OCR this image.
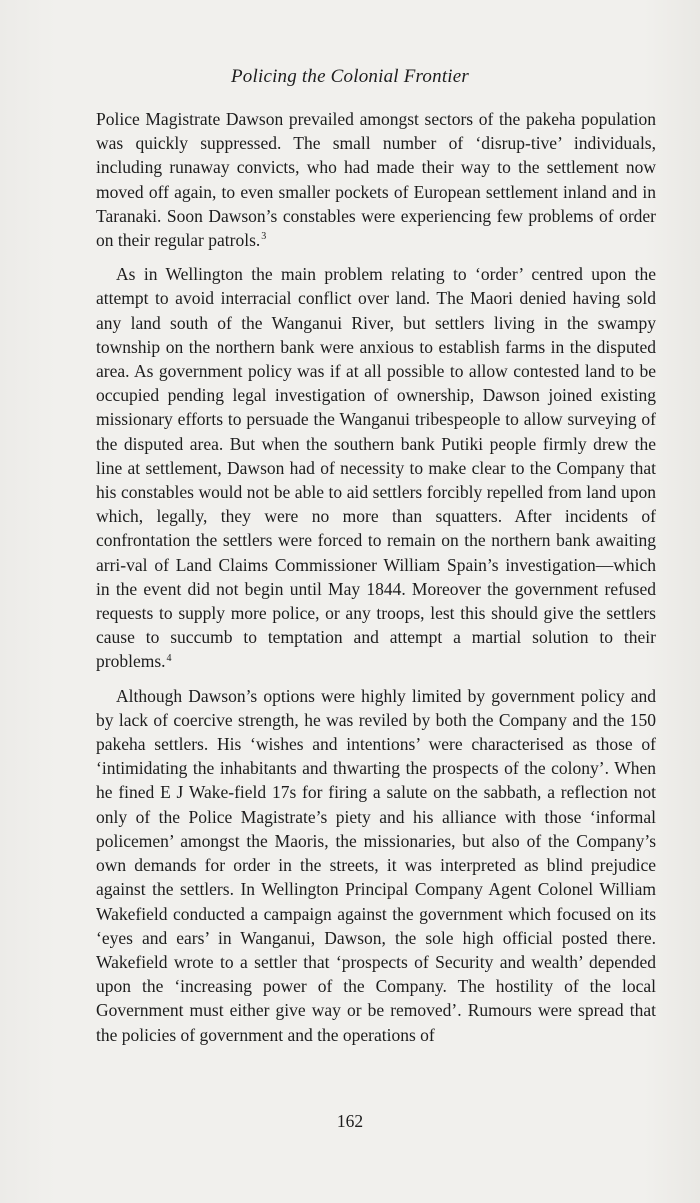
Policing the Colonial Frontier

Police Magistrate Dawson prevailed amongst sectors of the pakeha population was quickly suppressed. The small number of ‘disrup-tive’ individuals, including runaway convicts, who had made their way to the settlement now moved off again, to even smaller pockets of European settlement inland and in Taranaki. Soon Dawson’s constables were experiencing few problems of order on their regular patrols.$^3$

As in Wellington the main problem relating to ‘order’ centred upon the attempt to avoid interracial conflict over land. The Maori denied having sold any land south of the Wanganui River, but settlers living in the swampy township on the northern bank were anxious to establish farms in the disputed area. As government policy was if at all possible to allow contested land to be occupied pending legal investigation of ownership, Dawson joined existing missionary efforts to persuade the Wanganui tribespeople to allow surveying of the disputed area. But when the southern bank Putiki people firmly drew the line at settlement, Dawson had of necessity to make clear to the Company that his constables would not be able to aid settlers forcibly repelled from land upon which, legally, they were no more than squatters. After incidents of confrontation the settlers were forced to remain on the northern bank awaiting arri-val of Land Claims Commissioner William Spain’s investigation—which in the event did not begin until May 1844. Moreover the government refused requests to supply more police, or any troops, lest this should give the settlers cause to succumb to temptation and attempt a martial solution to their problems.$^4$

Although Dawson’s options were highly limited by government policy and by lack of coercive strength, he was reviled by both the Company and the 150 pakeha settlers. His ‘wishes and intentions’ were characterised as those of ‘intimidating the inhabitants and thwarting the prospects of the colony’. When he fined E J Wake-field 17s for firing a salute on the sabbath, a reflection not only of the Police Magistrate’s piety and his alliance with those ‘informal policemen’ amongst the Maoris, the missionaries, but also of the Company’s own demands for order in the streets, it was interpreted as blind prejudice against the settlers. In Wellington Principal Company Agent Colonel William Wakefield conducted a campaign against the government which focused on its ‘eyes and ears’ in Wanganui, Dawson, the sole high official posted there. Wakefield wrote to a settler that ‘prospects of Security and wealth’ depended upon the ‘increasing power of the Company. The hostility of the local Government must either give way or be removed’. Rumours were spread that the policies of government and the operations of

162
